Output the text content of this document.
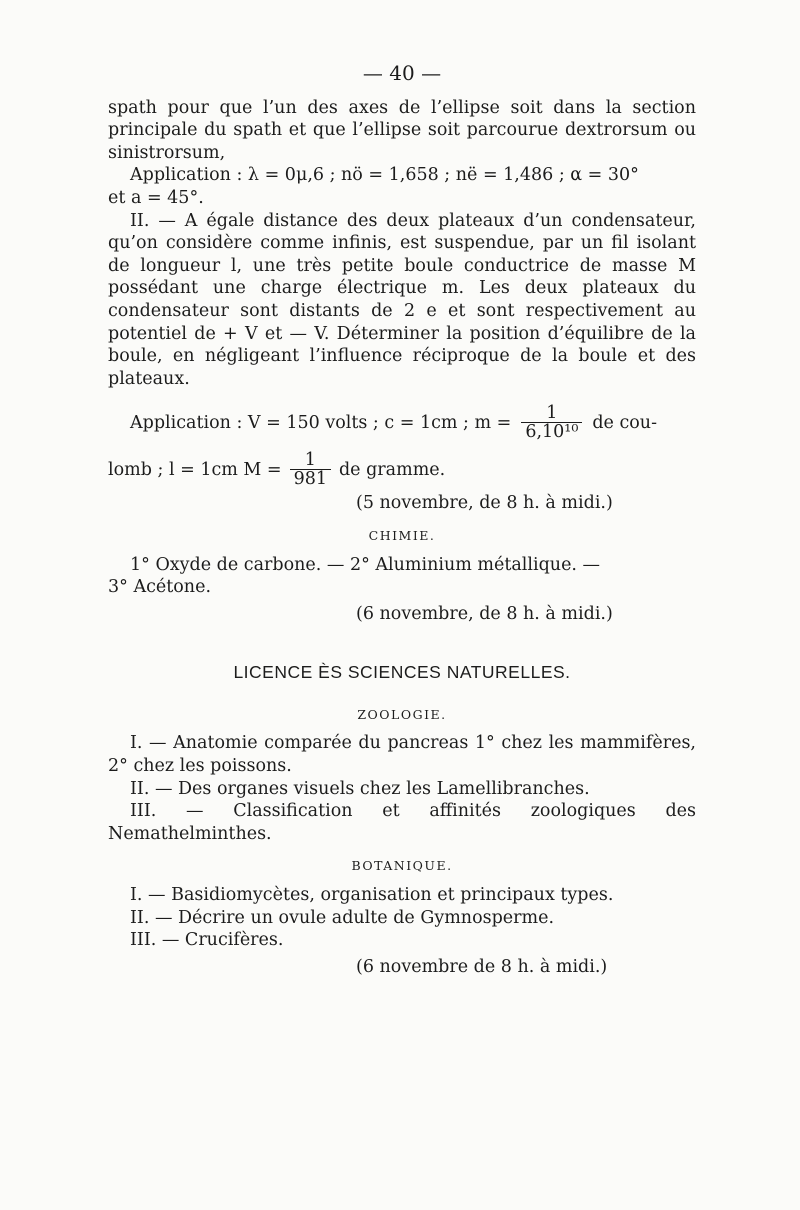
— 40 —

spath pour que l’un des axes de l’ellipse soit dans la section principale du spath et que l’ellipse soit parcourue dextrorsum ou sinistrorsum,

Application : λ = 0μ,6 ; nö = 1,658 ; në = 1,486 ; α = 30°

et a = 45°.

II. — A égale distance des deux plateaux d’un condensateur, qu’on considère comme infinis, est suspendue, par un fil isolant de longueur l, une très petite boule conductrice de masse M possédant une charge électrique m. Les deux plateaux du condensateur sont distants de 2 e et sont respectivement au potentiel de + V et — V. Déterminer la position d’équilibre de la boule, en négligeant l’influence réciproque de la boule et des plateaux.

Application : V = 150 volts ; c = 1cm ; $m = \frac{1}{\text{6,10¹⁰}}$ de cou-
lomb ; l = 1cm $M = \frac{1}{981}$ de gramme.

(5 novembre, de 8 h. à midi.)

CHIMIE.

1° Oxyde de carbone. — 2° Aluminium métallique. —

3° Acétone.

(6 novembre, de 8 h. à midi.)

LICENCE ÈS SCIENCES NATURELLES.
ZOOLOGIE.

I. — Anatomie comparée du pancreas 1° chez les mammifères, 2° chez les poissons.

II. — Des organes visuels chez les Lamellibranches.

III. — Classification et affinités zoologiques des Nemathelminthes.

BOTANIQUE.

I. — Basidiomycètes, organisation et principaux types.

II. — Décrire un ovule adulte de Gymnosperme.

III. — Crucifères.

(6 novembre de 8 h. à midi.)
